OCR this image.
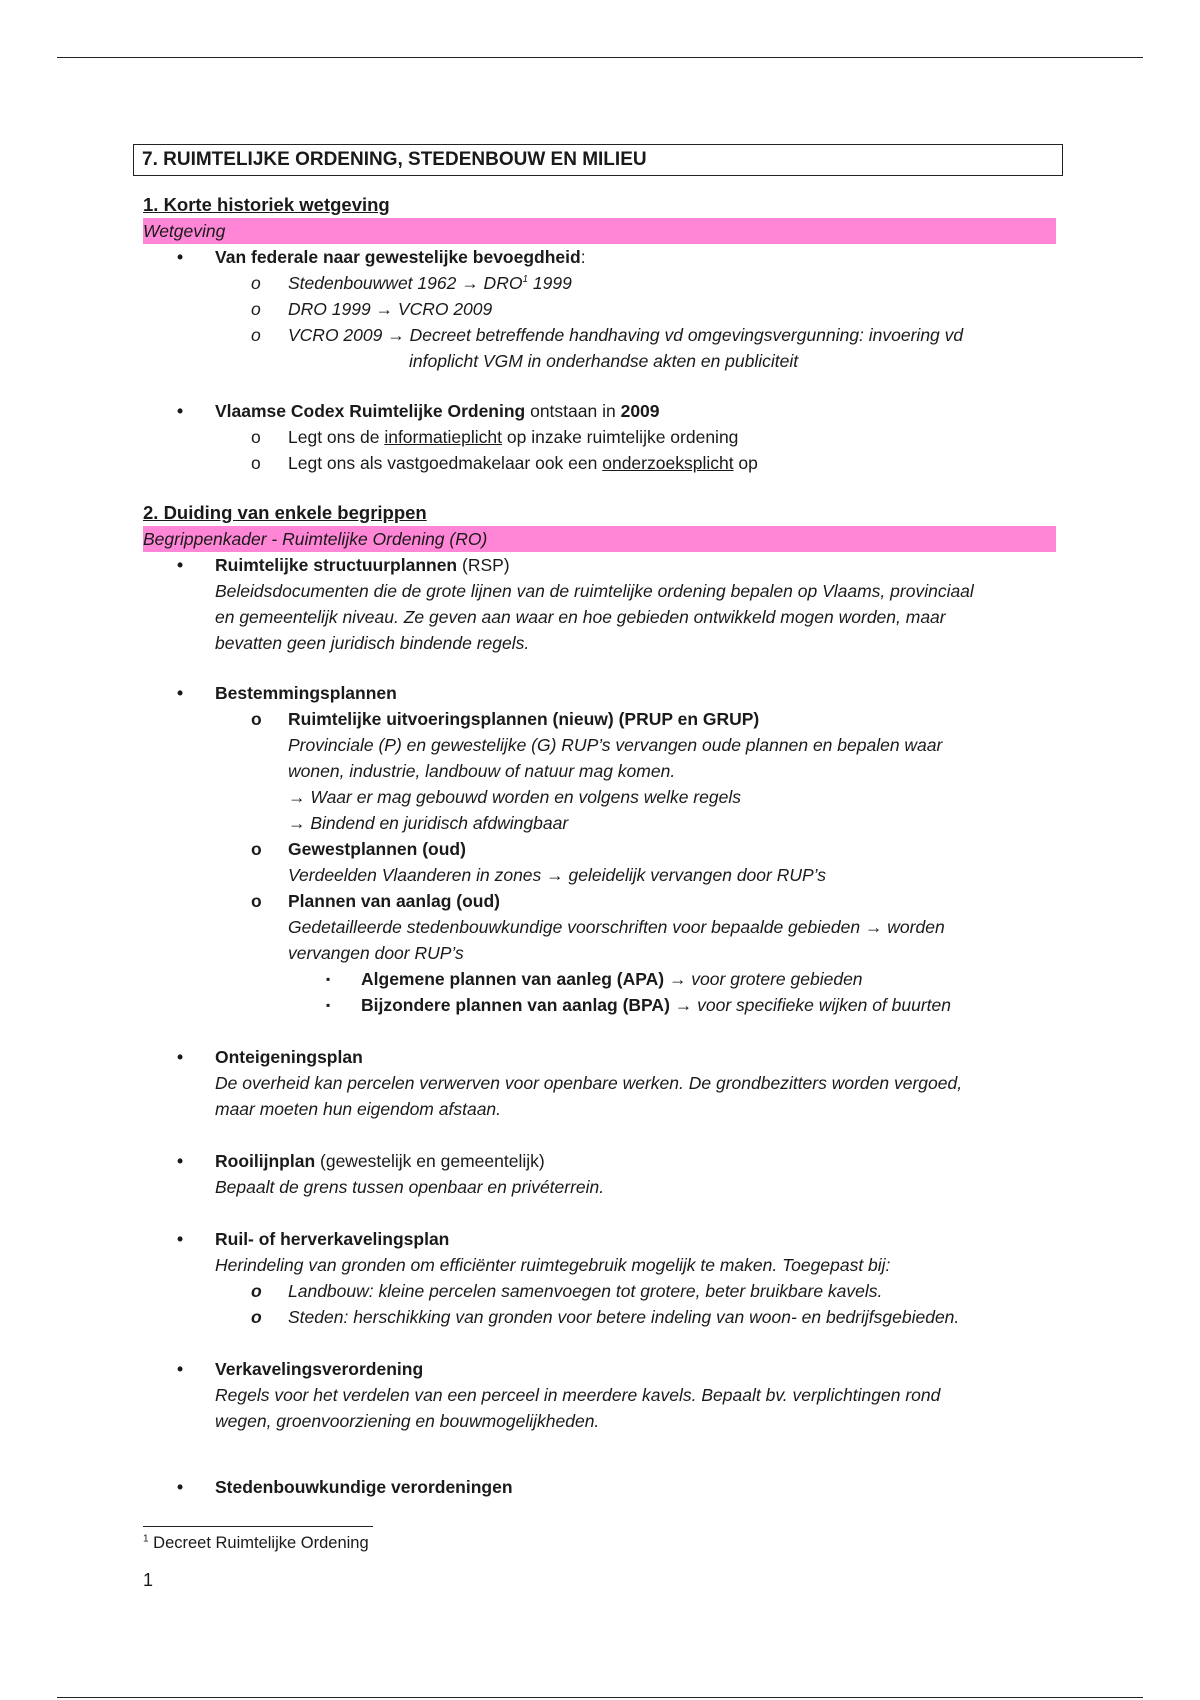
7. RUIMTELIJKE ORDENING, STEDENBOUW EN MILIEU
1. Korte historiek wetgeving
Wetgeving
• Van federale naar gewestelijke bevoegdheid:
o Stedenbouwwet $1962 \to DRO^1$ 1999
o DRO 1999 → VCRO 2009
o VCRO 2009 → Decreet betreffende handhaving vd omgevingsvergunning: invoering vd
infoplicht VGM in onderhandse akten en publiciteit
• Vlaamse Codex Ruimtelijke Ordening ontstaan in 2009
o Legt ons de informatieplicht op inzake ruimtelijke ordening
o Legt ons als vastgoedmakelaar ook een onderzoeksplicht op
2. Duiding van enkele begrippen
Begrippenkader - Ruimtelijke Ordening (RO)
• Ruimtelijke structuurplannen (RSP)
Beleidsdocumenten die de grote lijnen van de ruimtelijke ordening bepalen op Vlaams, provinciaal
en gemeentelijk niveau. Ze geven aan waar en hoe gebieden ontwikkeld mogen worden, maar
bevatten geen juridisch bindende regels.
• Bestemmingsplannen
o Ruimtelijke uitvoeringsplannen (nieuw) (PRUP en GRUP)
Provinciale (P) en gewestelijke (G) RUP’s vervangen oude plannen en bepalen waar
wonen, industrie, landbouw of natuur mag komen.
→ Waar er mag gebouwd worden en volgens welke regels
→ Bindend en juridisch afdwingbaar
o Gewestplannen (oud)
Verdeelden Vlaanderen in zones → geleidelijk vervangen door RUP’s
o Plannen van aanlag (oud)
Gedetailleerde stedenbouwkundige voorschriften voor bepaalde gebieden → worden
vervangen door RUP’s
▪ Algemene plannen van aanleg (APA) → voor grotere gebieden
▪ Bijzondere plannen van aanlag (BPA) → voor specifieke wijken of buurten
• Onteigeningsplan
De overheid kan percelen verwerven voor openbare werken. De grondbezitters worden vergoed,
maar moeten hun eigendom afstaan.
• Rooilijnplan (gewestelijk en gemeentelijk)
Bepaalt de grens tussen openbaar en privéterrein.
• Ruil- of herverkavelingsplan
Herindeling van gronden om efficiënter ruimtegebruik mogelijk te maken. Toegepast bij:
o Landbouw: kleine percelen samenvoegen tot grotere, beter bruikbare kavels.
o Steden: herschikking van gronden voor betere indeling van woon- en bedrijfsgebieden.
• Verkavelingsverordening
Regels voor het verdelen van een perceel in meerdere kavels. Bepaalt bv. verplichtingen rond
wegen, groenvoorziening en bouwmogelijkheden.
• Stedenbouwkundige verordeningen
$^1$ Decreet Ruimtelijke Ordening
1
